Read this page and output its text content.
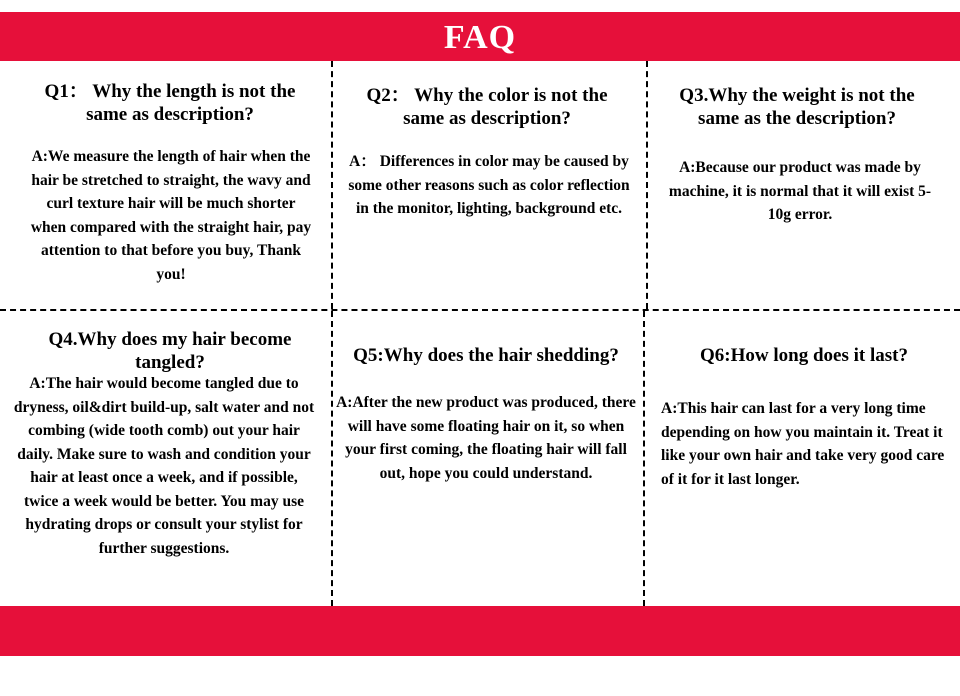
FAQ
Q1： Why the length is not the same as description?
A:We measure the length of hair when the hair be stretched to straight, the wavy and curl texture hair will be much shorter when compared with the straight hair, pay attention to that before you buy, Thank you!
Q2： Why the color is not the same as description?
A： Differences in color may be caused by some other reasons such as color reflection in the monitor, lighting, background etc.
Q3.Why the weight is not the same as the description?
A:Because our product was made by machine, it is normal that it will exist 5-10g error.
Q4.Why does my hair become tangled?
A:The hair would become tangled due to dryness, oil&dirt build-up, salt water and not combing (wide tooth comb) out your hair daily. Make sure to wash and condition your hair at least once a week, and if possible, twice a week would be better. You may use hydrating drops or consult your stylist for further suggestions.
Q5:Why does the hair shedding?
A:After the new product was produced, there will have some floating hair on it, so when your first coming, the floating hair will fall out, hope you could understand.
Q6:How long does it last?
A:This hair can last for a very long time depending on how you maintain it. Treat it like your own hair and take very good care of it for it last longer.
